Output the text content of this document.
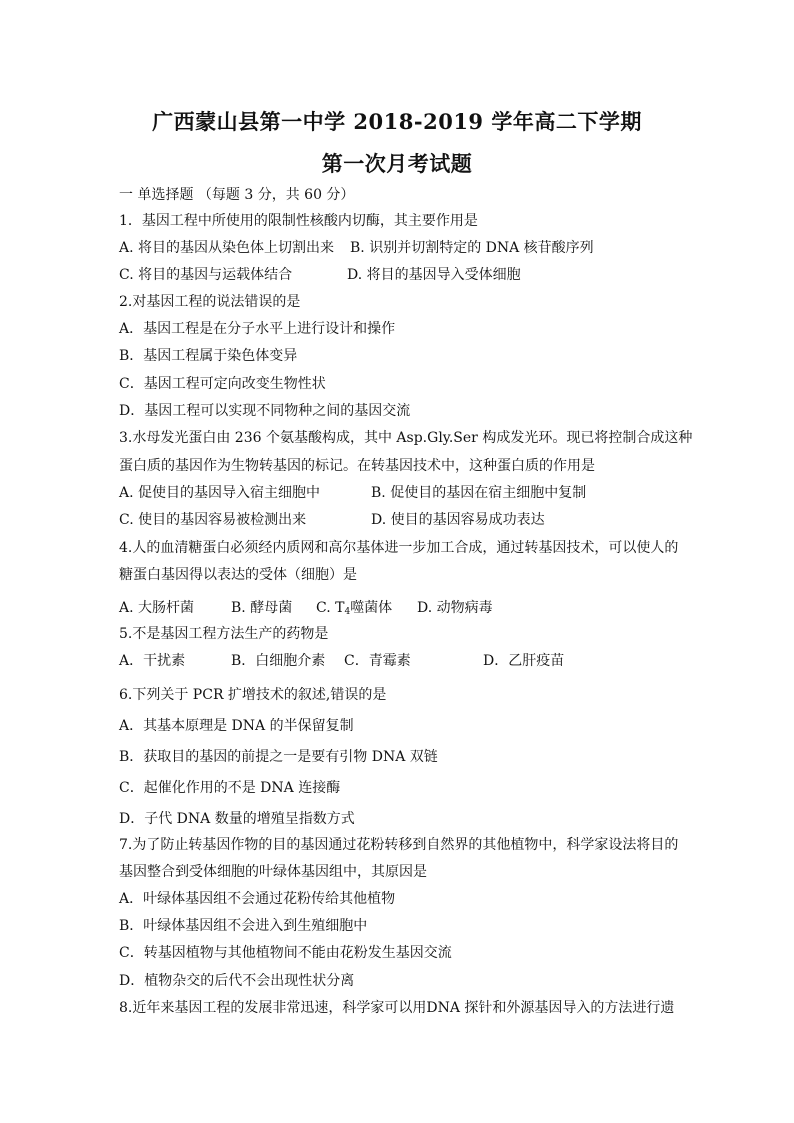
广西蒙山县第一中学 2018-2019 学年高二下学期
第一次月考试题
一 单选择题 （每题 3 分，共 60 分）
1．基因工程中所使用的限制性核酸内切酶，其主要作用是
A. 将目的基因从染色体上切割出来 B. 识别并切割特定的 DNA 核苷酸序列
C. 将目的基因与运载体结合	D. 将目的基因导入受体细胞
2.对基因工程的说法错误的是
A．基因工程是在分子水平上进行设计和操作
B．基因工程属于染色体变异
C．基因工程可定向改变生物性状
D．基因工程可以实现不同物种之间的基因交流
3.水母发光蛋白由 236 个氨基酸构成，其中 Asp.Gly.Ser 构成发光环。现已将控制合成这种
蛋白质的基因作为生物转基因的标记。在转基因技术中，这种蛋白质的作用是
A. 促使目的基因导入宿主细胞中	B. 促使目的基因在宿主细胞中复制
C. 使目的基因容易被检测出来	D. 使目的基因容易成功表达
4.人的血清糖蛋白必须经内质网和高尔基体进一步加工合成，通过转基因技术，可以使人的
糖蛋白基因得以表达的受体（细胞）是
A. 大肠杆菌	B. 酵母菌 C. $T_4$噬菌体 D. 动物病毒
5.不是基因工程方法生产的药物是
A．干扰素	B．白细胞介素 C．青霉素	D．乙肝疫苗
6.下列关于 PCR 扩增技术的叙述,错误的是
A．其基本原理是 DNA 的半保留复制
B．获取目的基因的前提之一是要有引物 DNA 双链
C．起催化作用的不是 DNA 连接酶
D．子代 DNA 数量的增殖呈指数方式
7.为了防止转基因作物的目的基因通过花粉转移到自然界的其他植物中，科学家设法将目的
基因整合到受体细胞的叶绿体基因组中，其原因是
A．叶绿体基因组不会通过花粉传给其他植物
B．叶绿体基因组不会进入到生殖细胞中
C．转基因植物与其他植物间不能由花粉发生基因交流
D．植物杂交的后代不会出现性状分离
8.近年来基因工程的发展非常迅速，科学家可以用DNA 探针和外源基因导入的方法进行遗
